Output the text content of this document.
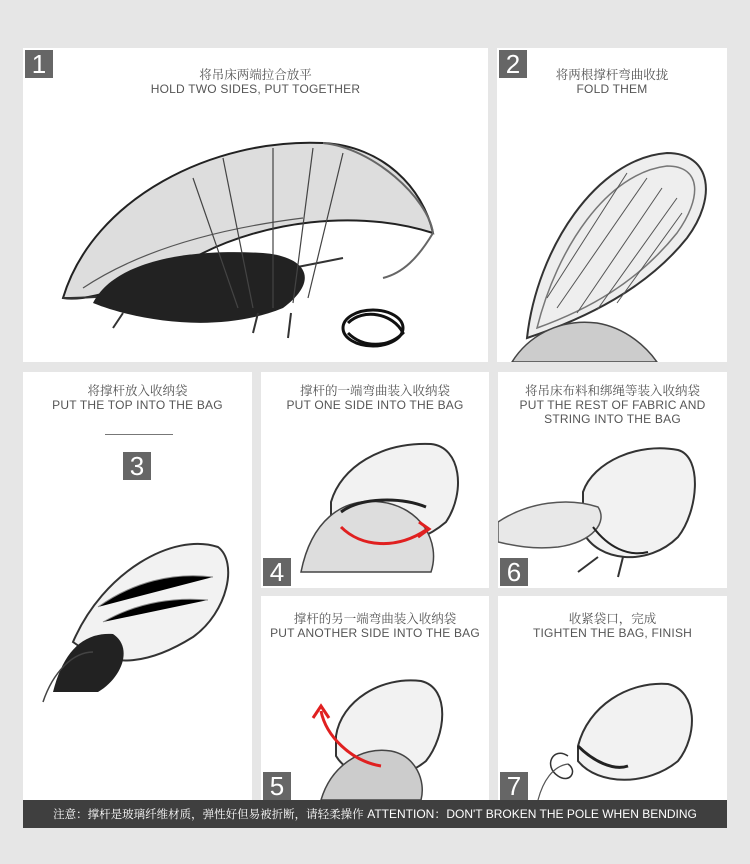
1	将吊床两端拉合放平
HOLD TWO SIDES, PUT TOGETHER
2	将两根撑杆弯曲收拢
FOLD THEM
将撑杆放入收纳袋
PUT THE TOP INTO THE BAG
3
撑杆的一端弯曲装入收纳袋
PUT ONE SIDE INTO THE BAG
4
将吊床布料和绑绳等装入收纳袋
PUT THE REST OF FABRIC AND
STRING INTO THE BAG
6
撑杆的另一端弯曲装入收纳袋
PUT ANOTHER SIDE INTO THE BAG
5
收紧袋口，完成
TIGHTEN THE BAG, FINISH
7
注意：撑杆是玻璃纤维材质，弹性好但易被折断，请轻柔操作 ATTENTION：DON'T BROKEN THE POLE WHEN BENDING
